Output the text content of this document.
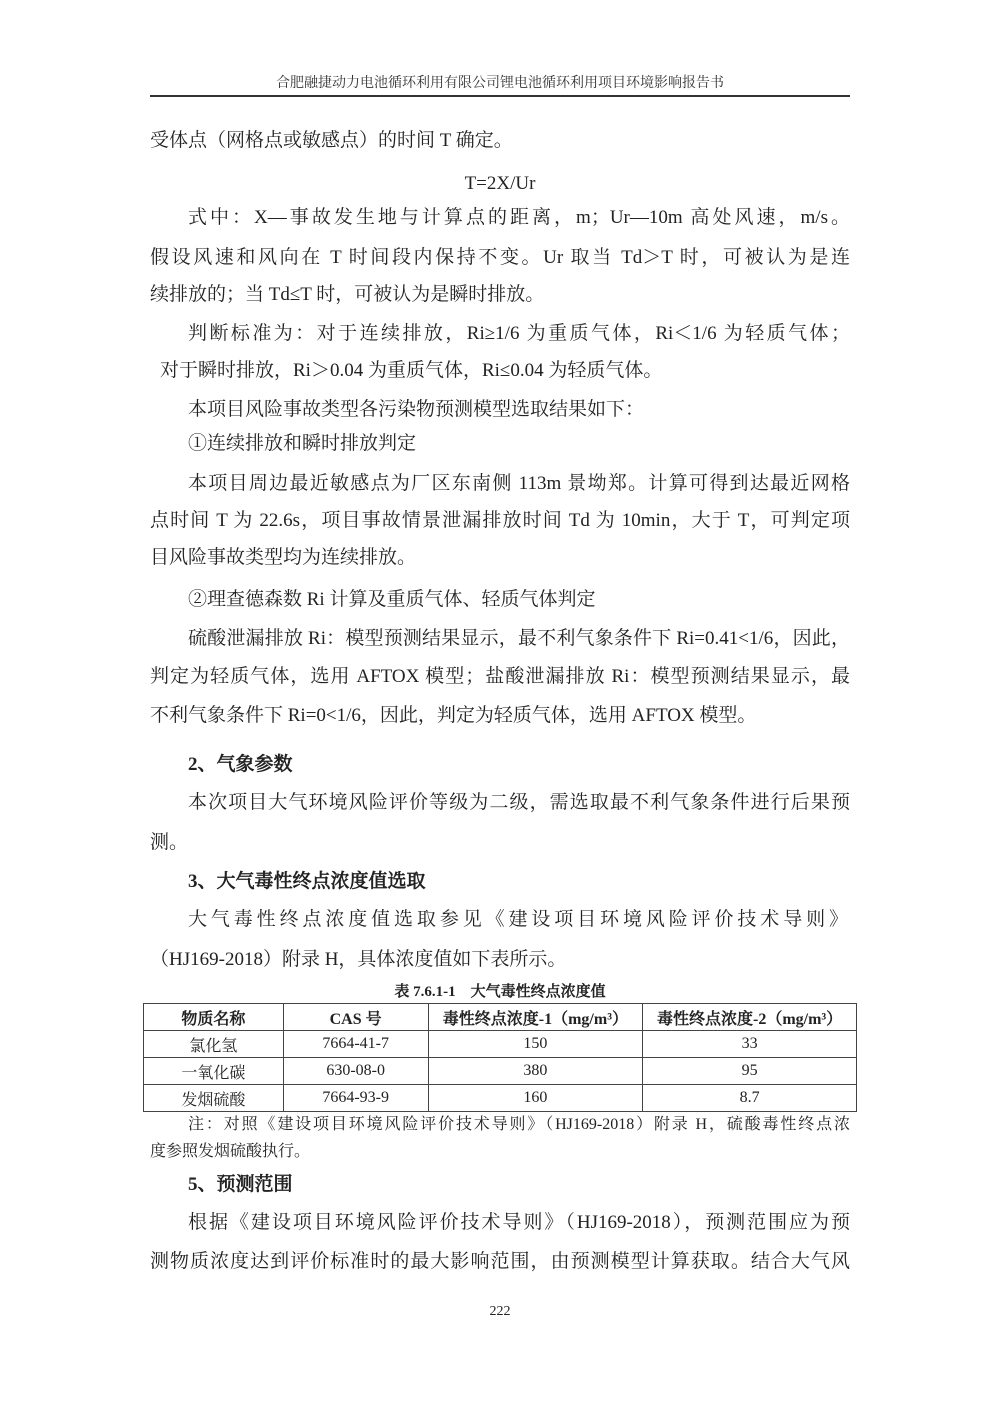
合肥融捷动力电池循环利用有限公司锂电池循环利用项目环境影响报告书
受体点（网格点或敏感点）的时间 T 确定。
T=2X/Ur
式中：X—事故发生地与计算点的距离，m；Ur—10m 高处风速，m/s。
假设风速和风向在 T 时间段内保持不变。Ur 取当 Td＞T 时，可被认为是连
续排放的；当 Td≤T 时，可被认为是瞬时排放。
判断标准为：对于连续排放，Ri≥1/6 为重质气体，Ri＜1/6 为轻质气体；
对于瞬时排放，Ri＞0.04 为重质气体，Ri≤0.04 为轻质气体。
本项目风险事故类型各污染物预测模型选取结果如下：
①连续排放和瞬时排放判定
本项目周边最近敏感点为厂区东南侧 113m 景坳郑。计算可得到达最近网格
点时间 T 为 22.6s，项目事故情景泄漏排放时间 Td 为 10min，大于 T，可判定项
目风险事故类型均为连续排放。
②理查德森数 Ri 计算及重质气体、轻质气体判定
硫酸泄漏排放 Ri：模型预测结果显示，最不利气象条件下 Ri=0.41<1/6，因此，
判定为轻质气体，选用 AFTOX 模型；盐酸泄漏排放 Ri：模型预测结果显示，最
不利气象条件下 Ri=0<1/6，因此，判定为轻质气体，选用 AFTOX 模型。
2、气象参数
本次项目大气环境风险评价等级为二级，需选取最不利气象条件进行后果预
测。
3、大气毒性终点浓度值选取
大气毒性终点浓度值选取参见《建设项目环境风险评价技术导则》
（HJ169-2018）附录 H，具体浓度值如下表所示。
表 7.6.1-1　大气毒性终点浓度值
物质名称	CAS 号	毒性终点浓度-1（mg/m³）	毒性终点浓度-2（mg/m³）
氯化氢	7664-41-7	150	33
一氧化碳	630-08-0	380	95
发烟硫酸	7664-93-9	160	8.7
注：对照《建设项目环境风险评价技术导则》（HJ169-2018）附录 H，硫酸毒性终点浓
度参照发烟硫酸执行。
5、预测范围
根据《建设项目环境风险评价技术导则》（HJ169-2018），预测范围应为预
测物质浓度达到评价标准时的最大影响范围，由预测模型计算获取。结合大气风
222
